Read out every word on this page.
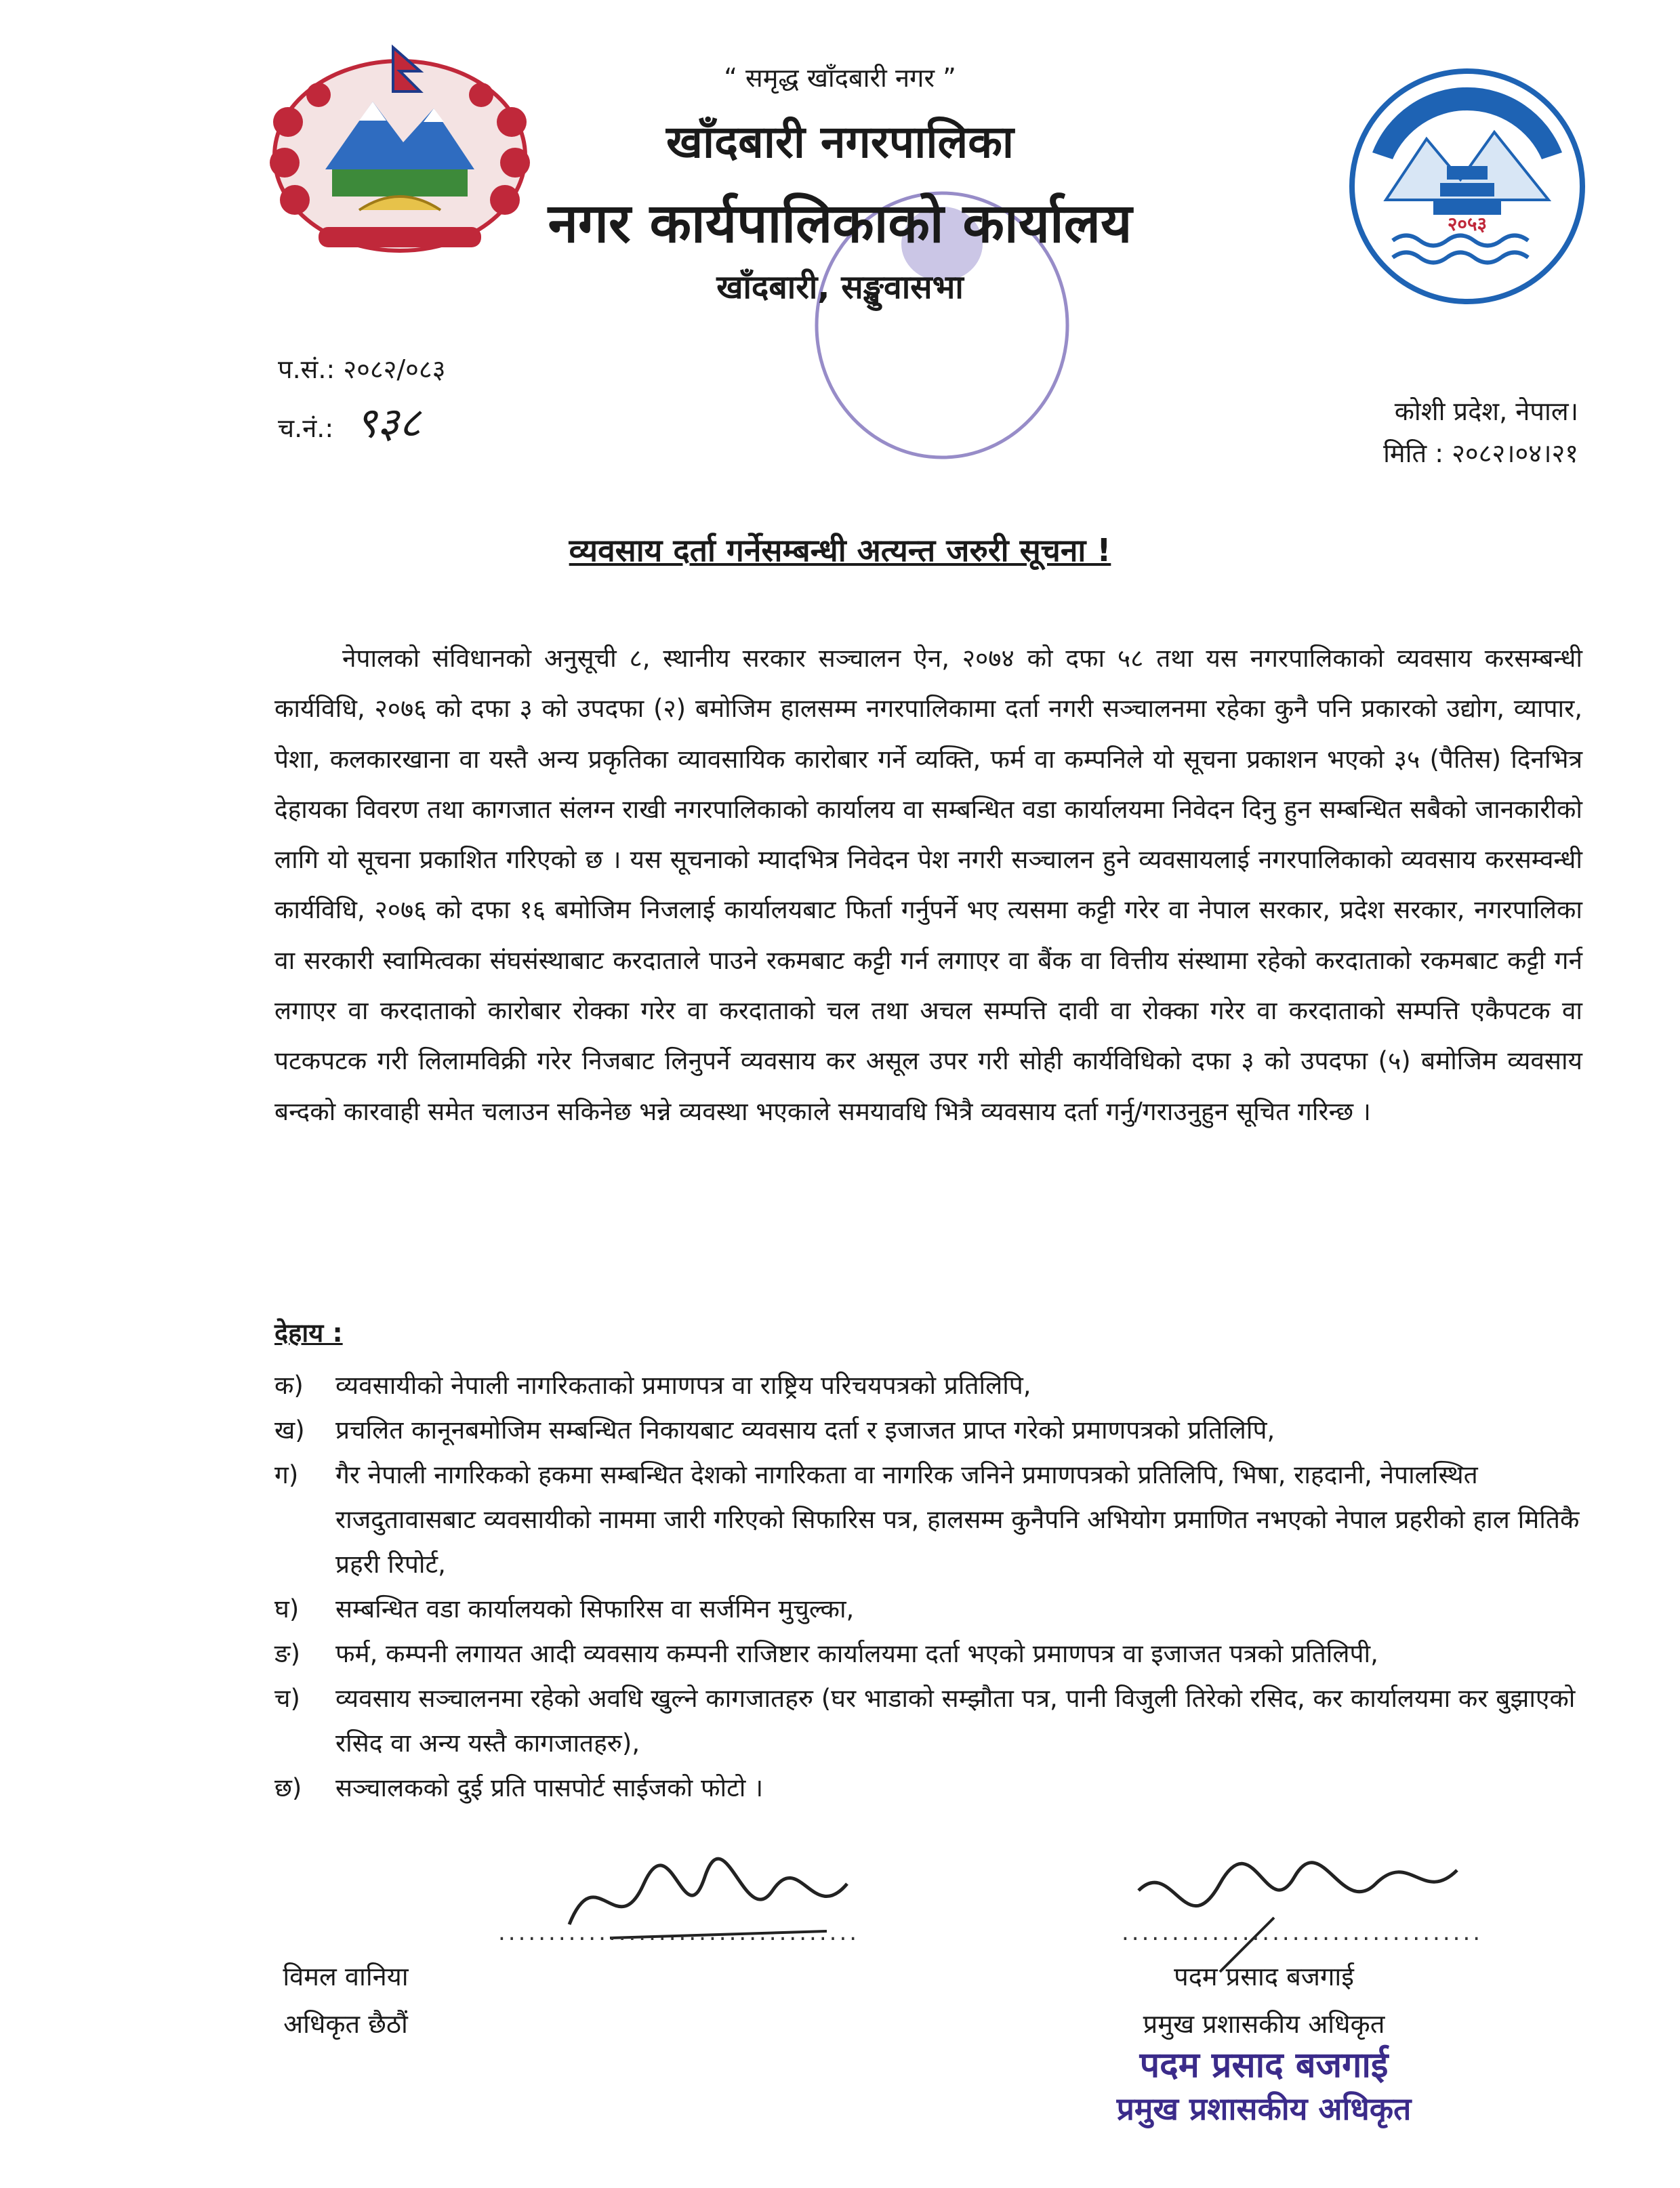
२०५३
“ समृद्ध खाँदबारी नगर ”
खाँदबारी नगरपालिका
नगर कार्यपालिकाको कार्यालय
खाँदबारी, सङ्खुवासभा
प.सं.: २०८२/०८३
च.नं.: ९३८	कोशी प्रदेश, नेपाल।
मिति : २०८२।०४।२१
व्यवसाय दर्ता गर्नेसम्बन्धी अत्यन्त जरुरी सूचना !

नेपालको संविधानको अनुसूची ८, स्थानीय सरकार सञ्चालन ऐन, २०७४ को दफा ५८ तथा यस नगरपालिकाको व्यवसाय करसम्बन्धी कार्यविधि, २०७६ को दफा ३ को उपदफा (२) बमोजिम हालसम्म नगरपालिकामा दर्ता नगरी सञ्चालनमा रहेका कुनै पनि प्रकारको उद्योग, व्यापार, पेशा, कलकारखाना वा यस्तै अन्य प्रकृतिका व्यावसायिक कारोबार गर्ने व्यक्ति, फर्म वा कम्पनिले यो सूचना प्रकाशन भएको ३५ (पैतिस) दिनभित्र देहायका विवरण तथा कागजात संलग्न राखी नगरपालिकाको कार्यालय वा सम्बन्धित वडा कार्यालयमा निवेदन दिनु हुन सम्बन्धित सबैको जानकारीको लागि यो सूचना प्रकाशित गरिएको छ । यस सूचनाको म्यादभित्र निवेदन पेश नगरी सञ्चालन हुने व्यवसायलाई नगरपालिकाको व्यवसाय करसम्वन्धी कार्यविधि, २०७६ को दफा १६ बमोजिम निजलाई कार्यालयबाट फिर्ता गर्नुपर्ने भए त्यसमा कट्टी गरेर वा नेपाल सरकार, प्रदेश सरकार, नगरपालिका वा सरकारी स्वामित्वका संघसंस्थाबाट करदाताले पाउने रकमबाट कट्टी गर्न लगाएर वा बैंक वा वित्तीय संस्थामा रहेको करदाताको रकमबाट कट्टी गर्न लगाएर वा करदाताको कारोबार रोक्का गरेर वा करदाताको चल तथा अचल सम्पत्ति दावी वा रोक्का गरेर वा करदाताको सम्पत्ति एकैपटक वा पटकपटक गरी लिलामविक्री गरेर निजबाट लिनुपर्ने व्यवसाय कर असूल उपर गरी सोही कार्यविधिको दफा ३ को उपदफा (५) बमोजिम व्यवसाय बन्दको कारवाही समेत चलाउन सकिनेछ भन्ने व्यवस्था भएकाले समयावधि भित्रै व्यवसाय दर्ता गर्नु/गराउनुहुन सूचित गरिन्छ ।

देहाय :
क)	व्यवसायीको नेपाली नागरिकताको प्रमाणपत्र वा राष्ट्रिय परिचयपत्रको प्रतिलिपि,
ख)	प्रचलित कानूनबमोजिम सम्बन्धित निकायबाट व्यवसाय दर्ता र इजाजत प्राप्त गरेको प्रमाणपत्रको प्रतिलिपि,
ग)	गैर नेपाली नागरिकको हकमा सम्बन्धित देशको नागरिकता वा नागरिक जनिने प्रमाणपत्रको प्रतिलिपि, भिषा, राहदानी, नेपालस्थित राजदुतावासबाट व्यवसायीको नाममा जारी गरिएको सिफारिस पत्र, हालसम्म कुनैपनि अभियोग प्रमाणित नभएको नेपाल प्रहरीको हाल मितिकै प्रहरी रिपोर्ट,
घ)	सम्बन्धित वडा कार्यालयको सिफारिस वा सर्जमिन मुचुल्का,
ङ)	फर्म, कम्पनी लगायत आदी व्यवसाय कम्पनी राजिष्टार कार्यालयमा दर्ता भएको प्रमाणपत्र वा इजाजत पत्रको प्रतिलिपी,
च)	व्यवसाय सञ्चालनमा रहेको अवधि खुल्ने कागजातहरु (घर भाडाको सम्झौता पत्र, पानी विजुली तिरेको रसिद, कर कार्यालयमा कर बुझाएको रसिद वा अन्य यस्तै कागजातहरु),
छ)	सञ्चालकको दुई प्रति पासपोर्ट साईजको फोटो ।
....................................	....................................
विमल वानिया
अधिकृत छैठौं
पदम प्रसाद बजगाई
प्रमुख प्रशासकीय अधिकृत
पदम प्रसाद बजगाई
प्रमुख प्रशासकीय अधिकृत
